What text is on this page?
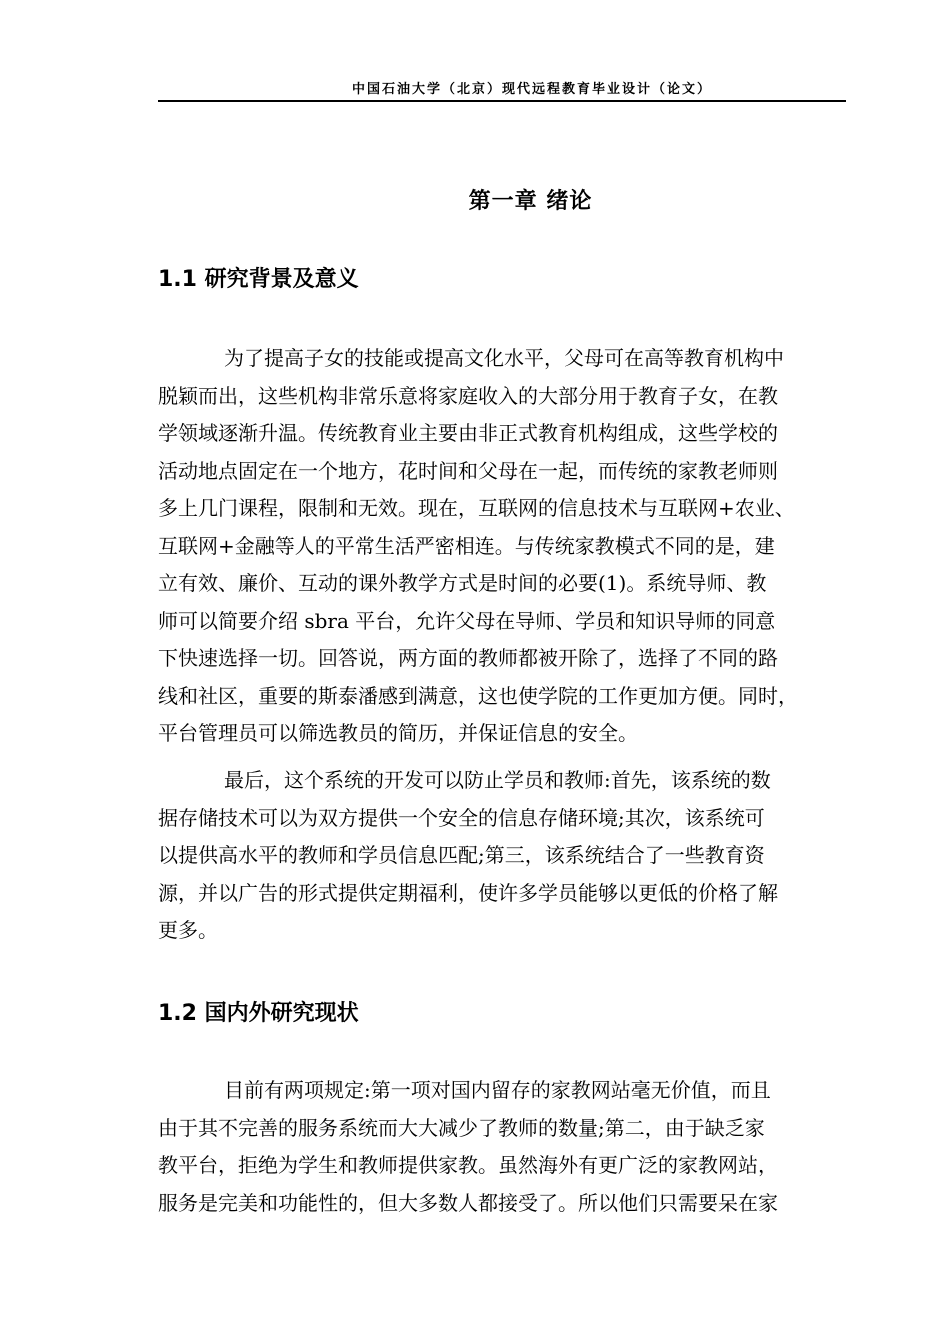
中国石油大学（北京）现代远程教育毕业设计（论文）
第一章 绪论
1.1 研究背景及意义
为了提高子女的技能或提高文化水平，父母可在高等教育机构中
脱颖而出，这些机构非常乐意将家庭收入的大部分用于教育子女，在教
学领域逐渐升温。传统教育业主要由非正式教育机构组成，这些学校的
活动地点固定在一个地方，花时间和父母在一起，而传统的家教老师则
多上几门课程，限制和无效。现在，互联网的信息技术与互联网+农业、
互联网+金融等人的平常生活严密相连。与传统家教模式不同的是，建
立有效、廉价、互动的课外教学方式是时间的必要(1)。系统导师、教
师可以简要介绍 sbra 平台，允许父母在导师、学员和知识导师的同意
下快速选择一切。回答说，两方面的教师都被开除了，选择了不同的路
线和社区，重要的斯泰潘感到满意，这也使学院的工作更加方便。同时，
平台管理员可以筛选教员的简历，并保证信息的安全。
最后，这个系统的开发可以防止学员和教师:首先，该系统的数
据存储技术可以为双方提供一个安全的信息存储环境;其次，该系统可
以提供高水平的教师和学员信息匹配;第三，该系统结合了一些教育资
源，并以广告的形式提供定期福利，使许多学员能够以更低的价格了解
更多。
1.2 国内外研究现状
目前有两项规定:第一项对国内留存的家教网站毫无价值，而且
由于其不完善的服务系统而大大减少了教师的数量;第二，由于缺乏家
教平台，拒绝为学生和教师提供家教。虽然海外有更广泛的家教网站，
服务是完美和功能性的，但大多数人都接受了。所以他们只需要呆在家
